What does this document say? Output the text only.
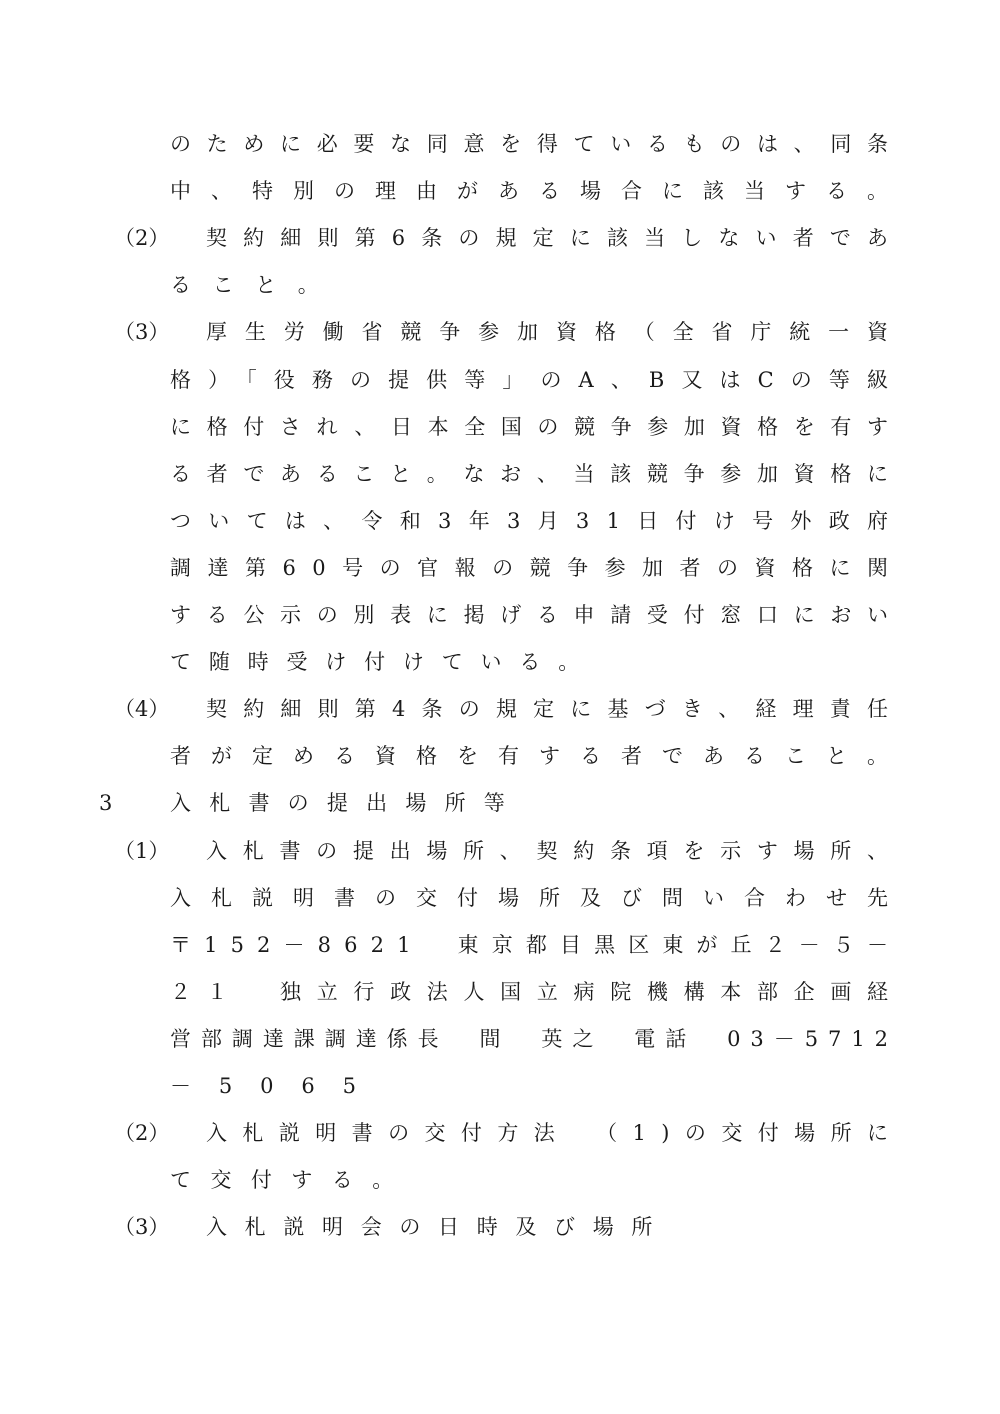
のために必要な同意を得ているものは、同条
中、特別の理由がある場合に該当する。
（2） 契約細則第6条の規定に該当しない者であ
ること。
（3） 厚生労働省競争参加資格（全省庁統一資
格）「役務の提供等」のA、B又はCの等級
に格付され、日本全国の競争参加資格を有す
る者であること。なお、当該競争参加資格に
ついては、令和3年3月31日付け号外政府
調達第60号の官報の競争参加者の資格に関
する公示の別表に掲げる申請受付窓口におい
て随時受け付けている。
（4） 契約細則第4条の規定に基づき、経理責任
者が定める資格を有する者であること。
3	入札書の提出場所等
（1） 入札書の提出場所、契約条項を示す場所、
入札説明書の交付場所及び問い合わせ先
〒152－8621　東京都目黒区東が丘２－５－
２１　独立行政法人国立病院機構本部企画経
営部調達課調達係長　間　英之　電話　03－5712
－5065
（2） 入札説明書の交付方法　（1)の交付場所に
て交付する。
（3） 入札説明会の日時及び場所
